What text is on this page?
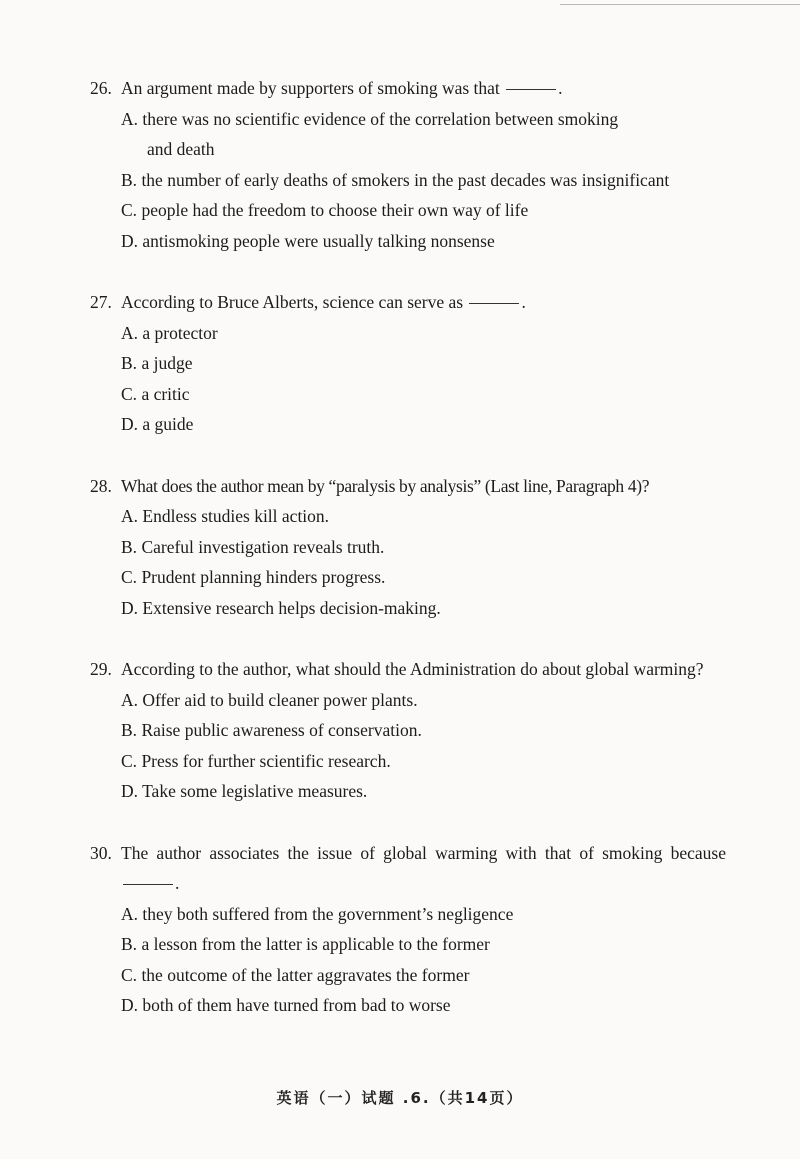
26. An argument made by supporters of smoking was that	.
A. there was no scientific evidence of the correlation between smoking
and death
B. the number of early deaths of smokers in the past decades was insignificant
C. people had the freedom to choose their own way of life
D. antismoking people were usually talking nonsense
27. According to Bruce Alberts, science can serve as	.
A. a protector
B. a judge
C. a critic
D. a guide
28. What does the author mean by “paralysis by analysis” (Last line, Paragraph 4)?
A. Endless studies kill action.
B. Careful investigation reveals truth.
C. Prudent planning hinders progress.
D. Extensive research helps decision-making.
29. According to the author, what should the Administration do about global warming?
A. Offer aid to build cleaner power plants.
B. Raise public awareness of conservation.
C. Press for further scientific research.
D. Take some legislative measures.
30. The author associates the issue of global warming with that of smoking because .
A. they both suffered from the government’s negligence
B. a lesson from the latter is applicable to the former
C. the outcome of the latter aggravates the former
D. both of them have turned from bad to worse
英语（一）试题 .6.（共14页）
